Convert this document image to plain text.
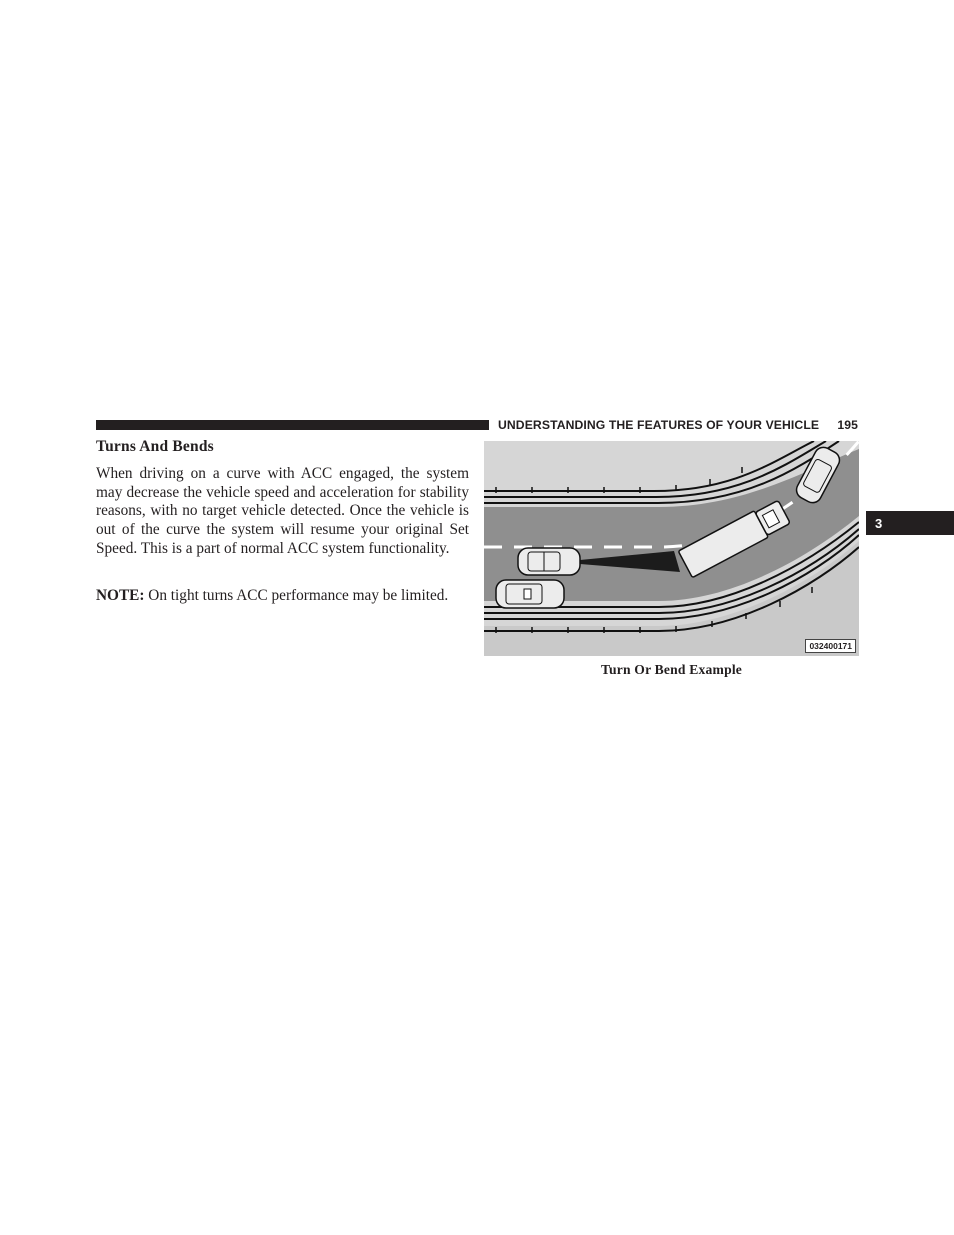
UNDERSTANDING THE FEATURES OF YOUR VEHICLE 195
3
Turns And Bends

When driving on a curve with ACC engaged, the system may decrease the vehicle speed and acceleration for stability reasons, with no target vehicle detected. Once the vehicle is out of the curve the system will resume your original Set Speed. This is a part of normal ACC system functionality.

NOTE: On tight turns ACC performance may be limited.

032400171
Turn Or Bend Example
